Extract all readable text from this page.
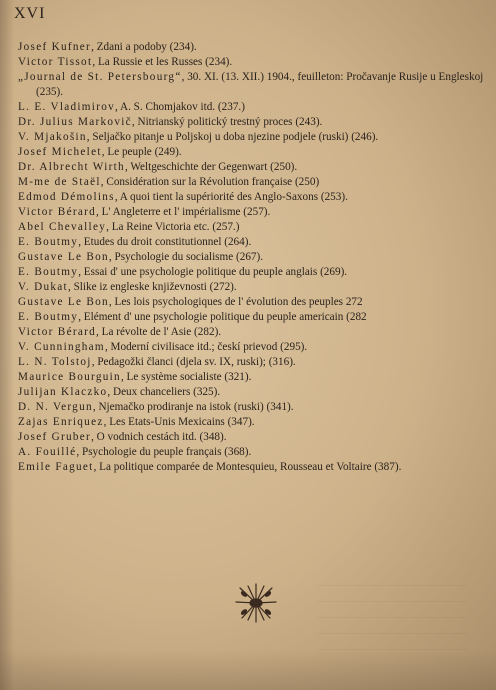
XVI
Josef Kufner, Zdani a podoby (234).
Victor Tissot, La Russie et les Russes (234).
„Journal de St. Petersbourg“, 30. XI. (13. XII.) 1904., feuilleton: Pročavanje Rusije u Engleskoj (235).
L. E. Vladimirov, A. S. Chomjakov itd. (237.)
Dr. Julius Markovič, Nitrianský politický trestný proces (243).
V. Mjakošin, Seljačko pitanje u Poljskoj u doba njezine podjele (ruski) (246).
Josef Michelet, Le peuple (249).
Dr. Albrecht Wirth, Weltgeschichte der Gegenwart (250).
M-me de Staël, Considération sur la Révolution française (250)
Edmod Démolins, A quoi tient la supériorité des Anglo-Saxons (253).
Victor Bérard, L' Angleterre et l' impérialisme (257).
Abel Chevalley, La Reine Victoria etc. (257.)
E. Boutmy, Etudes du droit constitutionnel (264).
Gustave Le Bon, Psychologie du socialisme (267).
E. Boutmy, Essai d' une psychologie politique du peuple anglais (269).
V. Dukat, Slike iz engleske književnosti (272).
Gustave Le Bon, Les lois psychologiques de l' évolution des peuples 272
E. Boutmy, Elément d' une psychologie politique du peuple americain (282
Victor Bérard, La révolte de l' Asie (282).
V. Cunningham, Moderní civilisace itd.; českí prievod (295).
L. N. Tolstoj, Pedagožki članci (djela sv. IX, ruski); (316).
Maurice Bourguin, Le système socialiste (321).
Julijan Klaczko, Deux chanceliers (325).
D. N. Vergun, Njemačko prodiranje na istok (ruski) (341).
Zajas Enriquez, Les Etats-Unis Mexicains (347).
Josef Gruber, O vodnich cestách itd. (348).
A. Fouillé, Psychologie du peuple français (368).
Emile Faguet, La politique comparée de Montesquieu, Rousseau et Voltaire (387).
